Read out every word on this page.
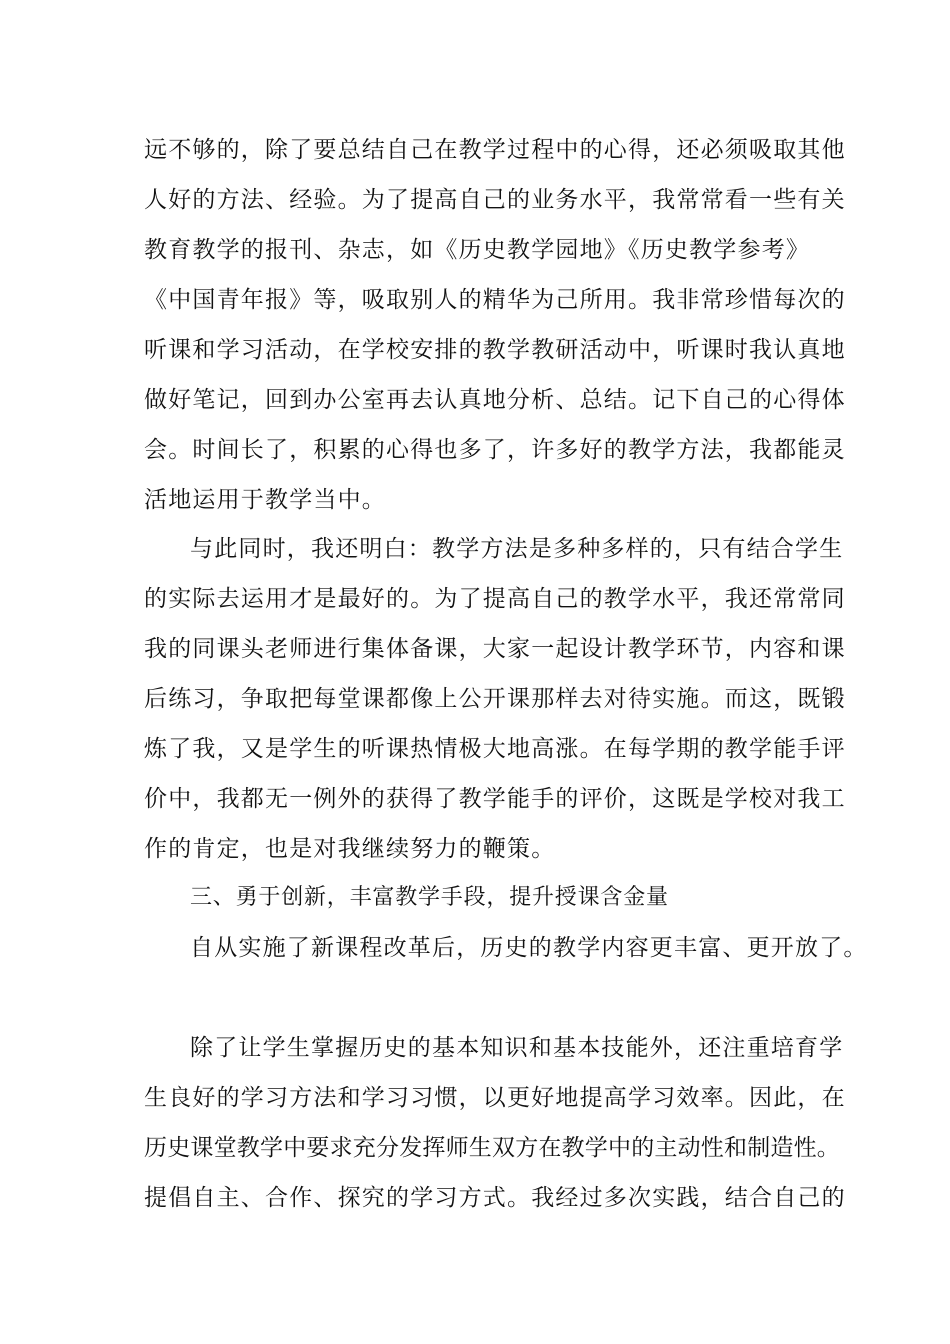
远不够的，除了要总结自己在教学过程中的心得，还必须吸取其他
人好的方法、经验。为了提高自己的业务水平，我常常看一些有关
教育教学的报刊、杂志，如《历史教学园地》《历史教学参考》
《中国青年报》等，吸取别人的精华为己所用。我非常珍惜每次的
听课和学习活动，在学校安排的教学教研活动中，听课时我认真地
做好笔记，回到办公室再去认真地分析、总结。记下自己的心得体
会。时间长了，积累的心得也多了，许多好的教学方法，我都能灵
活地运用于教学当中。
与此同时，我还明白：教学方法是多种多样的，只有结合学生
的实际去运用才是最好的。为了提高自己的教学水平，我还常常同
我的同课头老师进行集体备课，大家一起设计教学环节，内容和课
后练习，争取把每堂课都像上公开课那样去对待实施。而这，既锻
炼了我，又是学生的听课热情极大地高涨。在每学期的教学能手评
价中，我都无一例外的获得了教学能手的评价，这既是学校对我工
作的肯定，也是对我继续努力的鞭策。
三、勇于创新，丰富教学手段，提升授课含金量
自从实施了新课程改革后，历史的教学内容更丰富、更开放了。
除了让学生掌握历史的基本知识和基本技能外，还注重培育学
生良好的学习方法和学习习惯，以更好地提高学习效率。因此，在
历史课堂教学中要求充分发挥师生双方在教学中的主动性和制造性。
提倡自主、合作、探究的学习方式。我经过多次实践，结合自己的
